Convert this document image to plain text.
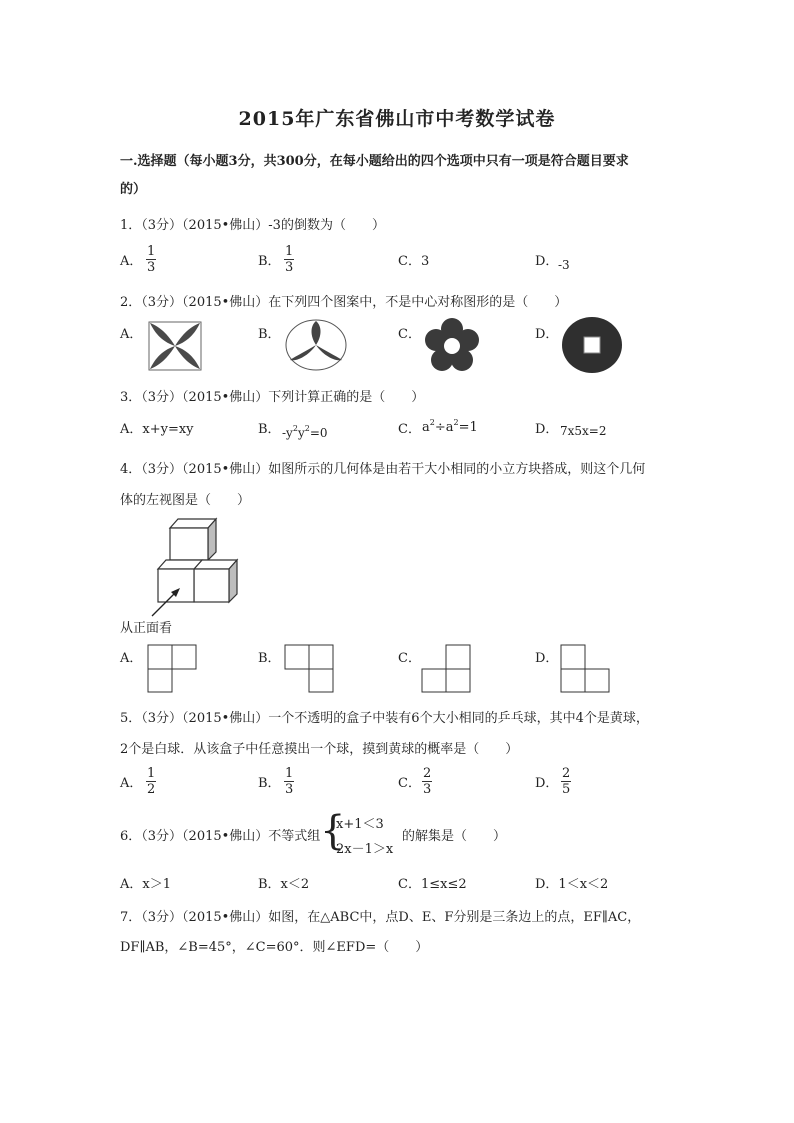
2015年广东省佛山市中考数学试卷
一.选择题（每小题3分，共300分，在每小题给出的四个选项中只有一项是符合题目要求
的）
1．（3分）（2015•佛山）-3的倒数为（　　）
A． $\frac{1}{3}$	B． $\frac{1}{3}$	C．3	D． -3
2．（3分）（2015•佛山）在下列四个图案中，不是中心对称图形的是（　　）
A．	B．	C．	D．
3．（3分）（2015•佛山）下列计算正确的是（　　）
A．x+y=xy	B． $-y^2y^2=0$	C． $a^2\div a^2=1$	D． 7x5x=2
4．（3分）（2015•佛山）如图所示的几何体是由若干大小相同的小立方块搭成，则这个几何
体的左视图是（　　）
从正面看
A．	B．	C．	D．
5．（3分）（2015•佛山）一个不透明的盒子中装有6个大小相同的乒乓球，其中4个是黄球，
2个是白球．从该盒子中任意摸出一个球，摸到黄球的概率是（　　）
A． $\frac{1}{2}$	B． $\frac{1}{3}$	C． $\frac{2}{3}$	D． $\frac{2}{5}$
6．（3分）（2015•佛山）不等式组 {
x+1＜3
2x－1＞x
的解集是（　　）
A．x＞1	B．x＜2	C．1≤x≤2	D．1＜x＜2
7．（3分）（2015•佛山）如图，在△ABC中，点D、E、F分别是三条边上的点，EF∥AC，
DF∥AB，∠B=45°，∠C=60°．则∠EFD=（　　）
